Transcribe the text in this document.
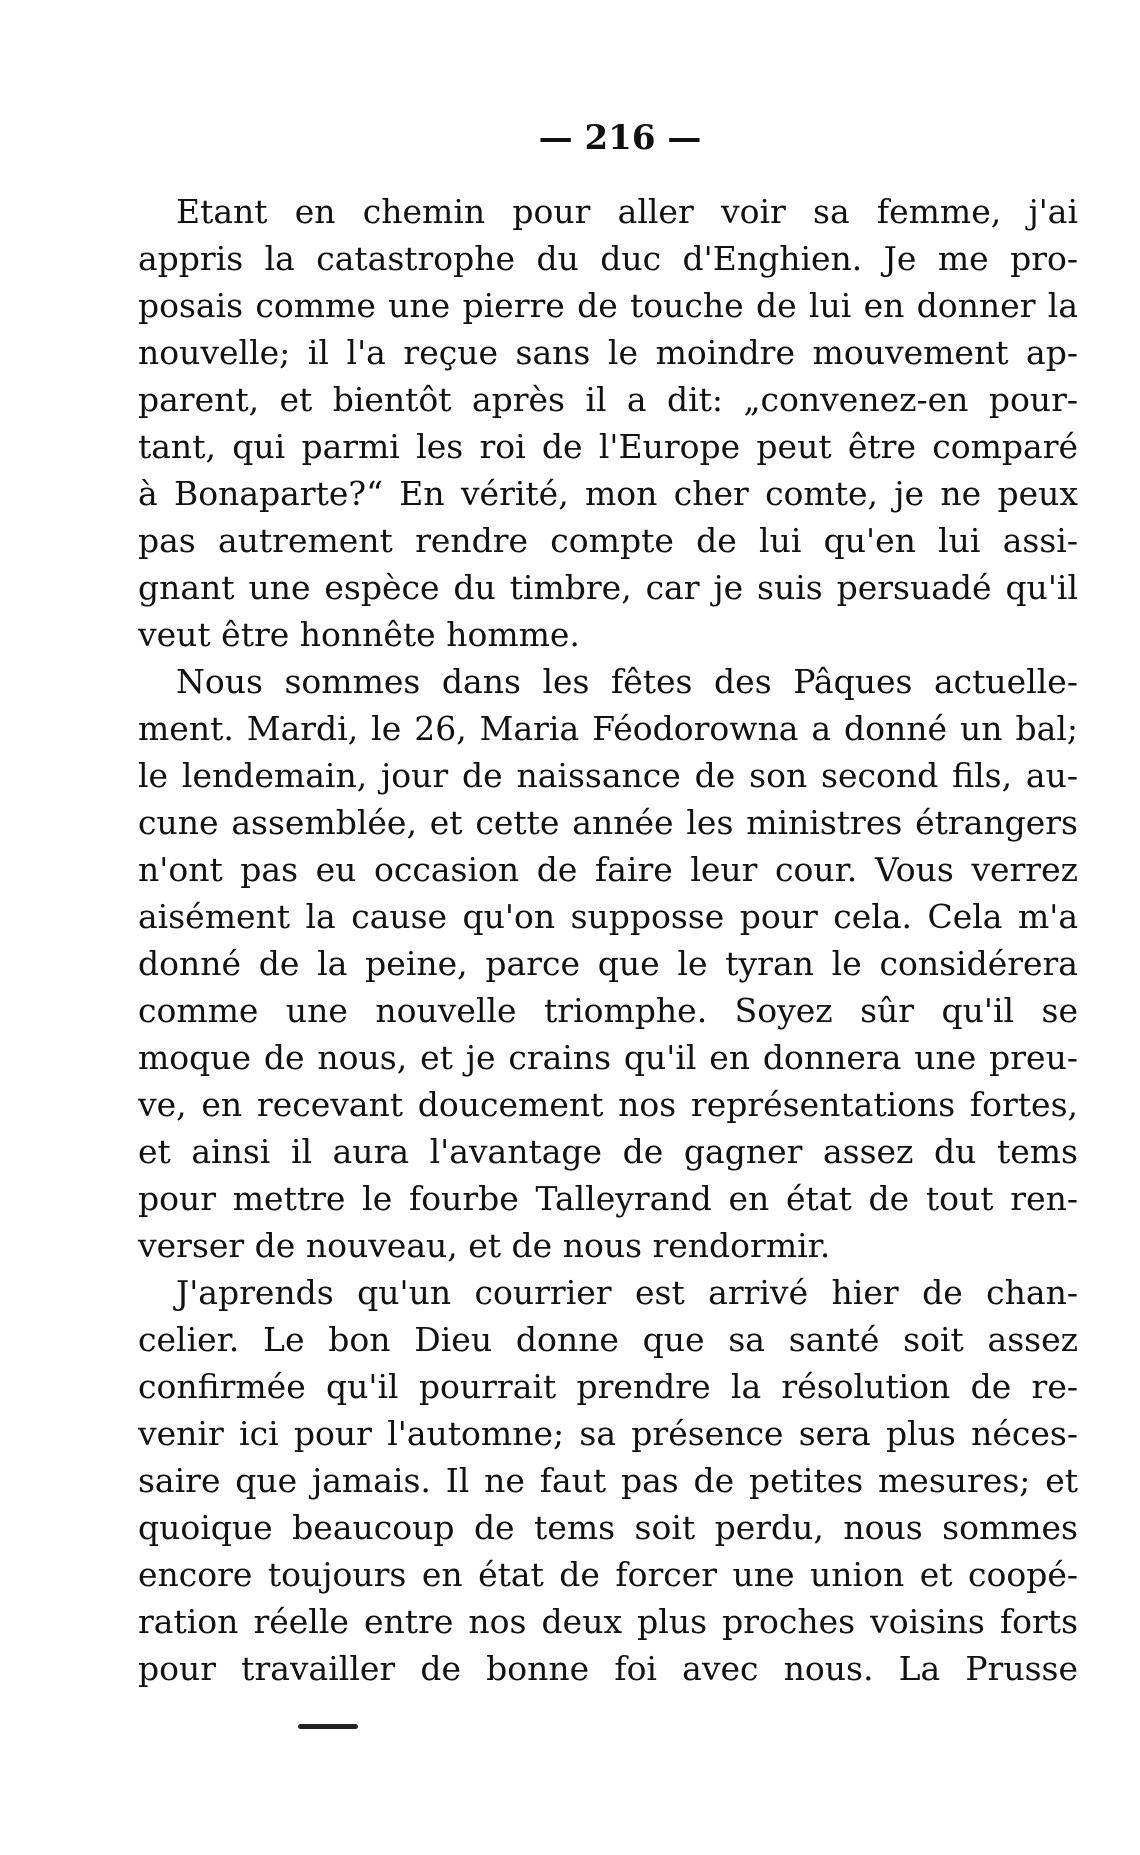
— 216 —
Etant en chemin pour aller voir sa femme, j'ai
appris la catastrophe du duc d'Enghien. Je me pro-
posais comme une pierre de touche de lui en donner la
nouvelle; il l'a reçue sans le moindre mouvement ap-
parent, et bientôt après il a dit: „convenez-en pour-
tant, qui parmi les roi de l'Europe peut être comparé
à Bonaparte?“ En vérité, mon cher comte, je ne peux
pas autrement rendre compte de lui qu'en lui assi-
gnant une espèce du timbre, car je suis persuadé qu'il
veut être honnête homme.
Nous sommes dans les fêtes des Pâques actuelle-
ment. Mardi, le 26, Maria Féodorowna a donné un bal;
le lendemain, jour de naissance de son second fils, au-
cune assemblée, et cette année les ministres étrangers
n'ont pas eu occasion de faire leur cour. Vous verrez
aisément la cause qu'on supposse pour cela. Cela m'a
donné de la peine, parce que le tyran le considérera
comme une nouvelle triomphe. Soyez sûr qu'il se
moque de nous, et je crains qu'il en donnera une preu-
ve, en recevant doucement nos représentations fortes,
et ainsi il aura l'avantage de gagner assez du tems
pour mettre le fourbe Talleyrand en état de tout ren-
verser de nouveau, et de nous rendormir.
J'aprends qu'un courrier est arrivé hier de chan-
celier. Le bon Dieu donne que sa santé soit assez
confirmée qu'il pourrait prendre la résolution de re-
venir ici pour l'automne; sa présence sera plus néces-
saire que jamais. Il ne faut pas de petites mesures; et
quoique beaucoup de tems soit perdu, nous sommes
encore toujours en état de forcer une union et coopé-
ration réelle entre nos deux plus proches voisins forts
pour travailler de bonne foi avec nous. La Prusse
